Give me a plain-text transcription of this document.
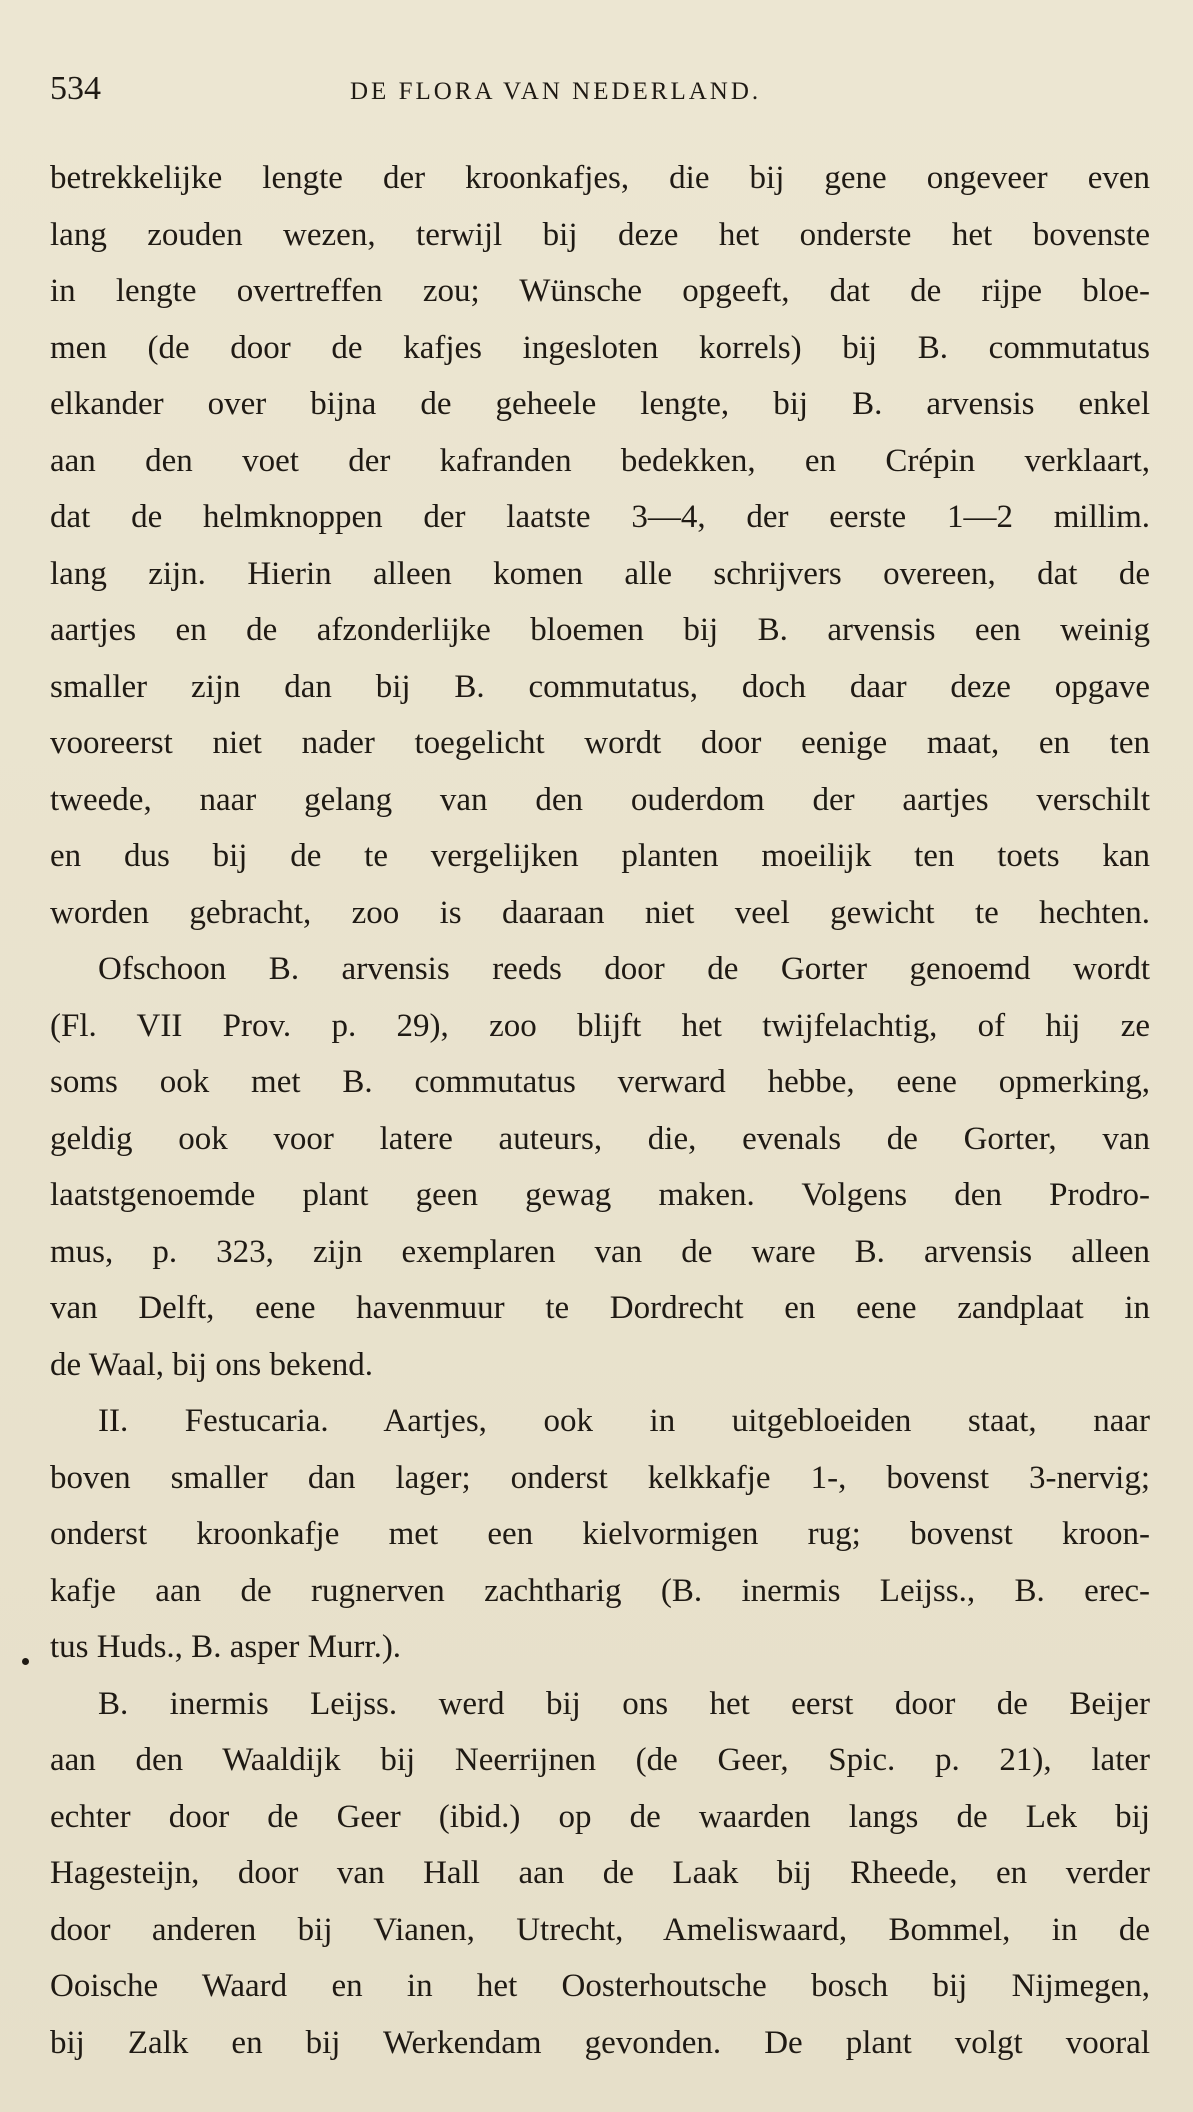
534	DE FLORA VAN NEDERLAND.
betrekkelijke lengte der kroonkafjes, die bij gene ongeveer even
lang zouden wezen, terwijl bij deze het onderste het bovenste
in lengte overtreffen zou; Wünsche opgeeft, dat de rijpe bloe-
men (de door de kafjes ingesloten korrels) bij B. commutatus
elkander over bijna de geheele lengte, bij B. arvensis enkel
aan den voet der kafranden bedekken, en Crépin verklaart,
dat de helmknoppen der laatste 3—4, der eerste 1—2 millim.
lang zijn. Hierin alleen komen alle schrijvers overeen, dat de
aartjes en de afzonderlijke bloemen bij B. arvensis een weinig
smaller zijn dan bij B. commutatus, doch daar deze opgave
vooreerst niet nader toegelicht wordt door eenige maat, en ten
tweede, naar gelang van den ouderdom der aartjes verschilt
en dus bij de te vergelijken planten moeilijk ten toets kan
worden gebracht, zoo is daaraan niet veel gewicht te hechten.
Ofschoon B. arvensis reeds door de Gorter genoemd wordt
(Fl. VII Prov. p. 29), zoo blijft het twijfelachtig, of hij ze
soms ook met B. commutatus verward hebbe, eene opmerking,
geldig ook voor latere auteurs, die, evenals de Gorter, van
laatstgenoemde plant geen gewag maken. Volgens den Prodro-
mus, p. 323, zijn exemplaren van de ware B. arvensis alleen
van Delft, eene havenmuur te Dordrecht en eene zandplaat in
de Waal, bij ons bekend.
II. Festucaria. Aartjes, ook in uitgebloeiden staat, naar
boven smaller dan lager; onderst kelkkafje 1-, bovenst 3-nervig;
onderst kroonkafje met een kielvormigen rug; bovenst kroon-
kafje aan de rugnerven zachtharig (B. inermis Leijss., B. erec-
tus Huds., B. asper Murr.).
B. inermis Leijss. werd bij ons het eerst door de Beijer
aan den Waaldijk bij Neerrijnen (de Geer, Spic. p. 21), later
echter door de Geer (ibid.) op de waarden langs de Lek bij
Hagesteijn, door van Hall aan de Laak bij Rheede, en verder
door anderen bij Vianen, Utrecht, Ameliswaard, Bommel, in de
Ooische Waard en in het Oosterhoutsche bosch bij Nijmegen,
bij Zalk en bij Werkendam gevonden. De plant volgt vooral
